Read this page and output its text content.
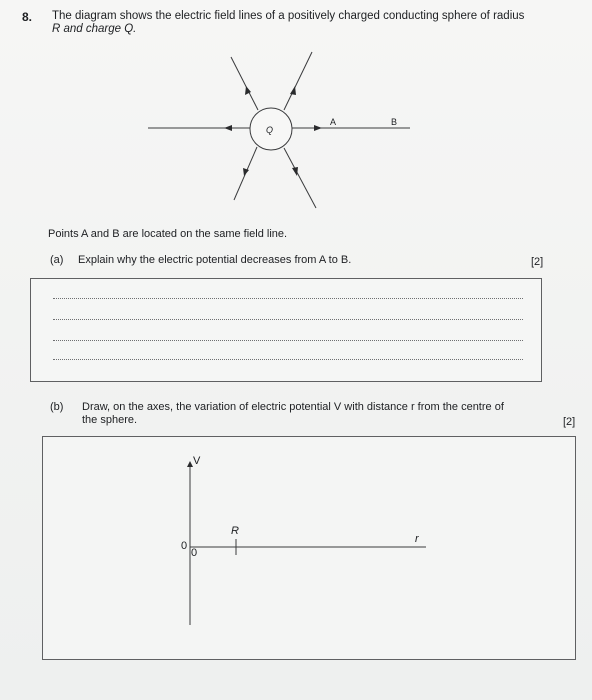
8. The diagram shows the electric field lines of a positively charged conducting sphere of radius
R and charge Q.
Q
A	B
Points A and B are located on the same field line.
(a) Explain why the electric potential decreases from A to B.	[2]
(b) Draw, on the axes, the variation of electric potential V with distance r from the centre of
the sphere.	[2]
V
r
0
0
R
